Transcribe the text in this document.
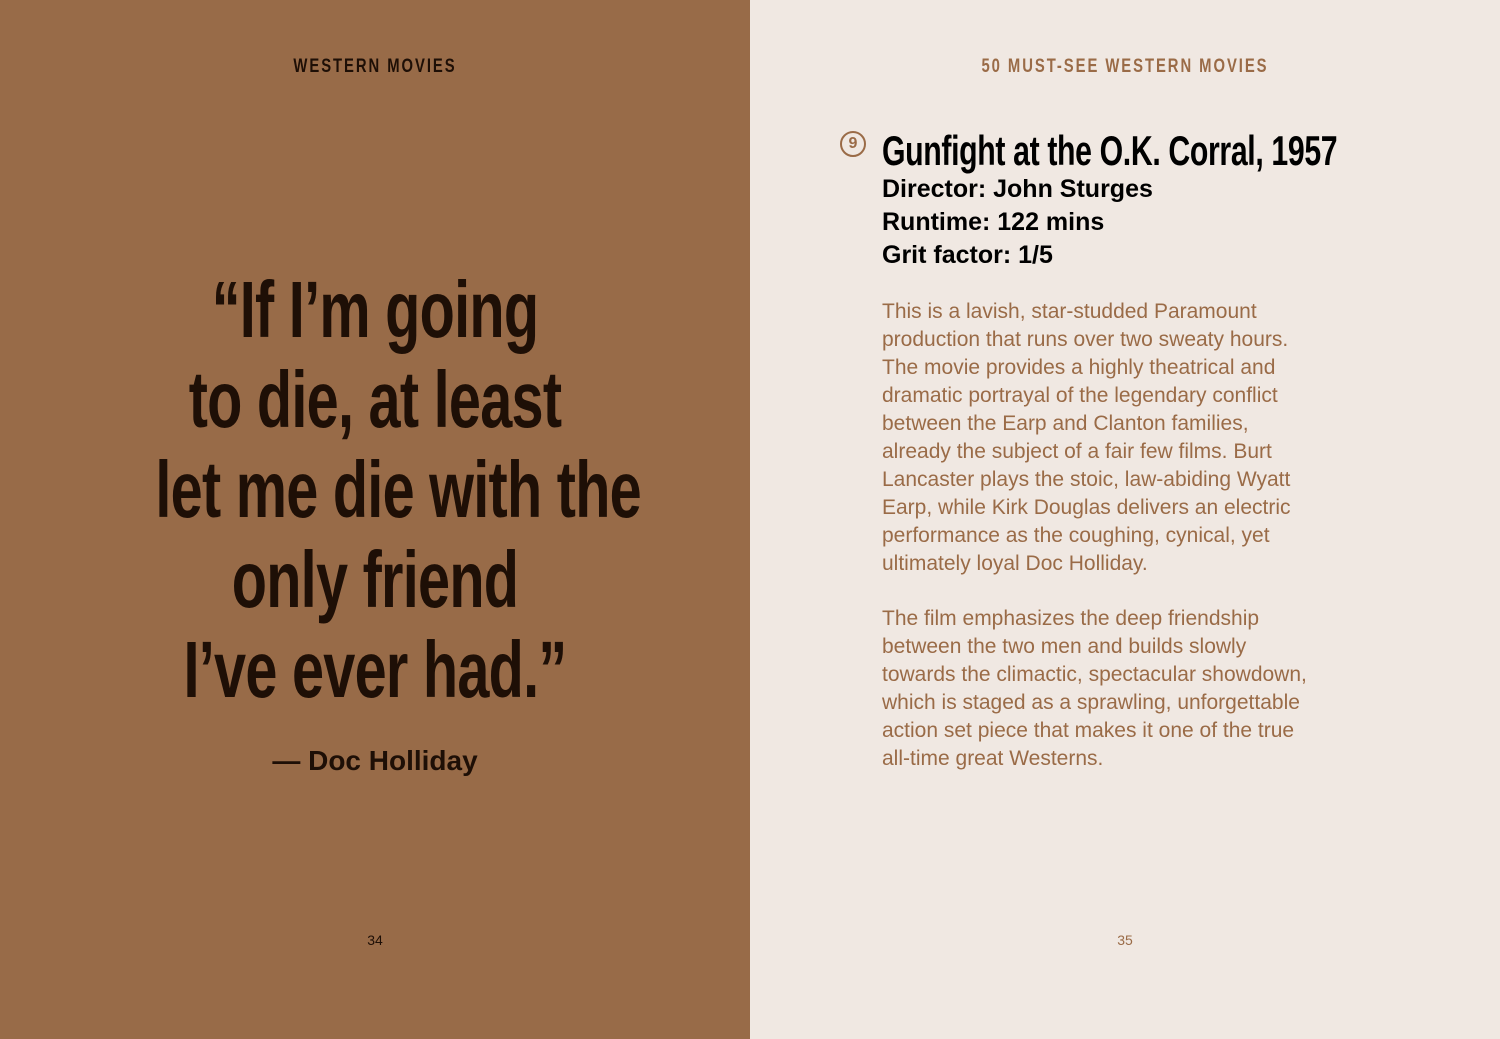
WESTERN MOVIES
“If I’m going
to die, at least
let me die with the
only friend
I’ve ever had.”
— Doc Holliday
34
50 MUST-SEE WESTERN MOVIES
35
9 Gunfight at the O.K. Corral, 1957
Director: John Sturges
Runtime: 122 mins
Grit factor: 1/5
This is a lavish, star-studded Paramount
production that runs over two sweaty hours.
The movie provides a highly theatrical and
dramatic portrayal of the legendary conflict
between the Earp and Clanton families,
already the subject of a fair few films. Burt
Lancaster plays the stoic, law-abiding Wyatt
Earp, while Kirk Douglas delivers an electric
performance as the coughing, cynical, yet
ultimately loyal Doc Holliday.
The film emphasizes the deep friendship
between the two men and builds slowly
towards the climactic, spectacular showdown,
which is staged as a sprawling, unforgettable
action set piece that makes it one of the true
all-time great Westerns.
